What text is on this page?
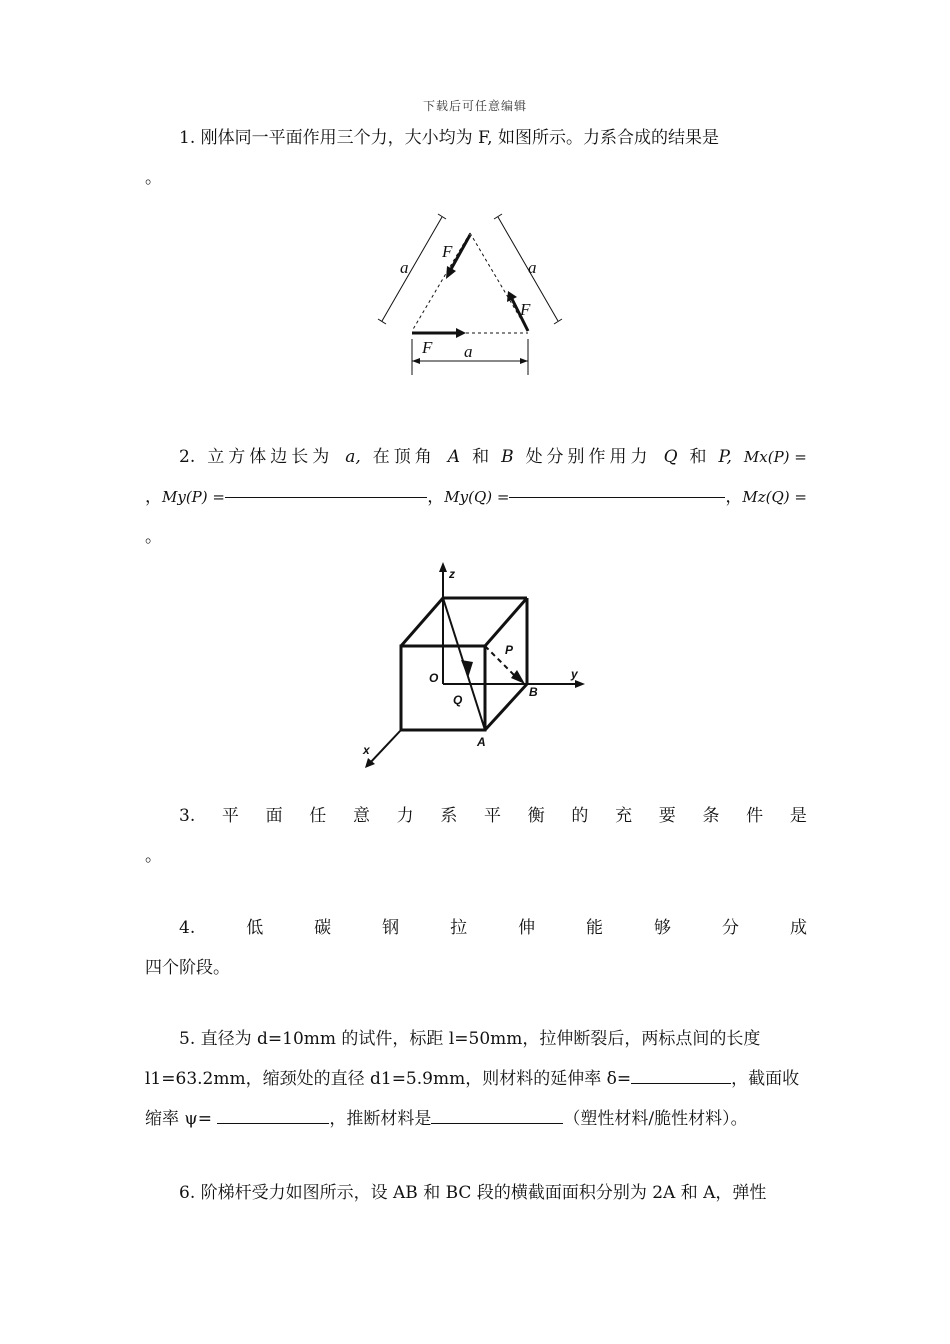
下载后可任意编辑
1. 刚体同一平面作用三个力，大小均为 F, 如图所示。力系合成的结果是
。
F
F
F
a	a
a
2. 立方体边长为 a, 在顶角 A 和 B 处分别作用力 Q 和 P, Mx(P) =
， My(P) =	， My(Q) =	， Mz(Q) =
。
z
y
x
O
Q
B
A
P
3. 平 面 任 意 力 系 平 衡 的 充 要 条 件 是
。
4.	低	碳	钢	拉	伸	能	够	分	成
四个阶段。
5. 直径为 d=10mm 的试件，标距 l=50mm，拉伸断裂后，两标点间的长度
l1=63.2mm，缩颈处的直径 d1=5.9mm，则材料的延伸率 δ=	，截面收
缩率 ψ=	，推断材料是	（塑性材料/脆性材料）。
6. 阶梯杆受力如图所示，设 AB 和 BC 段的横截面面积分别为 2A 和 A，弹性
